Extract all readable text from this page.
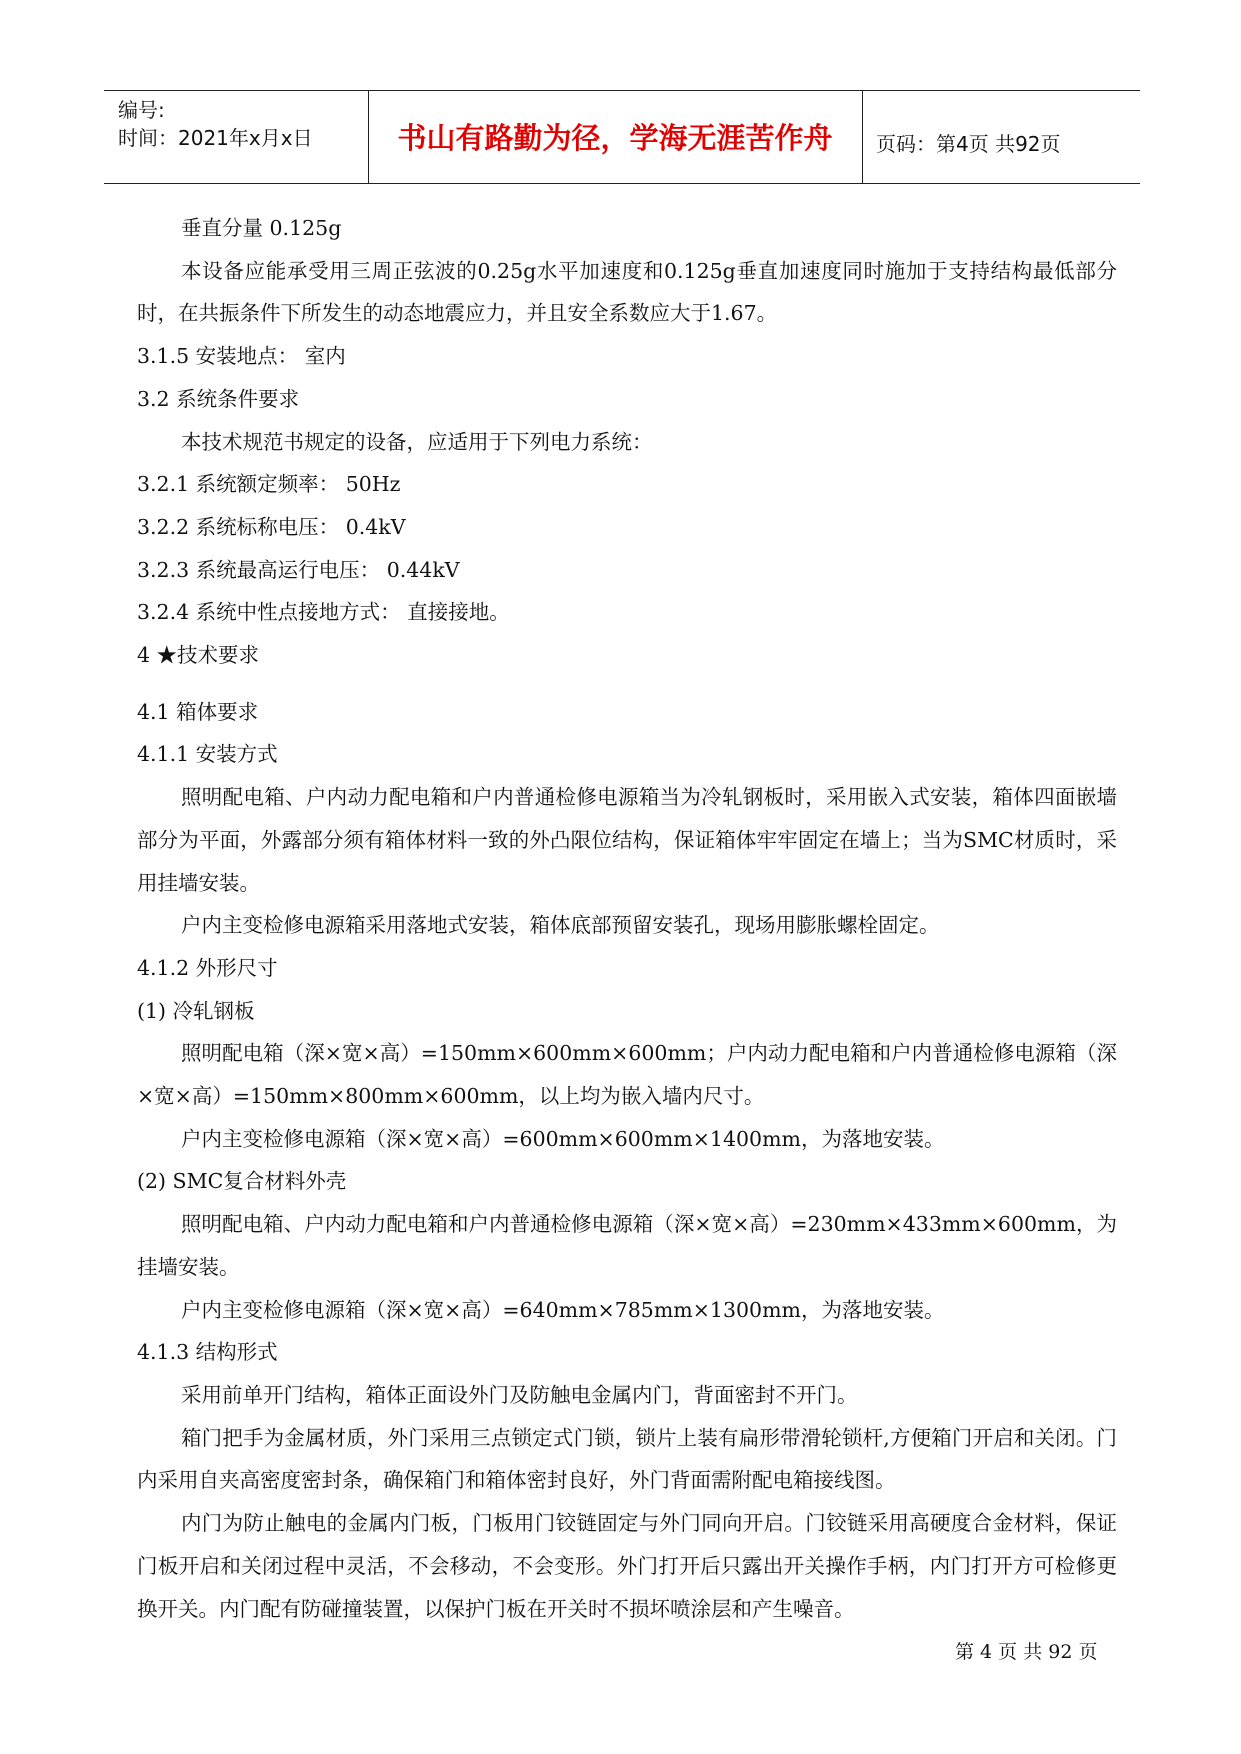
编号:
时间：2021年x月x日	书山有路勤为径，学海无涯苦作舟	页码：第4页 共92页

垂直分量 0.125g

本设备应能承受用三周正弦波的0.25g水平加速度和0.125g垂直加速度同时施加于支持结构最低部分时，在共振条件下所发生的动态地震应力，并且安全系数应大于1.67。

3.1.5 安装地点： 室内

3.2 系统条件要求

本技术规范书规定的设备，应适用于下列电力系统：

3.2.1 系统额定频率： 50Hz

3.2.2 系统标称电压： 0.4kV

3.2.3 系统最高运行电压： 0.44kV

3.2.4 系统中性点接地方式： 直接接地。

4 ★技术要求

4.1 箱体要求

4.1.1 安装方式

照明配电箱、户内动力配电箱和户内普通检修电源箱当为冷轧钢板时，采用嵌入式安装，箱体四面嵌墙部分为平面，外露部分须有箱体材料一致的外凸限位结构，保证箱体牢牢固定在墙上；当为SMC材质时，采用挂墙安装。

户内主变检修电源箱采用落地式安装，箱体底部预留安装孔，现场用膨胀螺栓固定。

4.1.2 外形尺寸

(1) 冷轧钢板

照明配电箱（深×宽×高）=150mm×600mm×600mm；户内动力配电箱和户内普通检修电源箱（深×宽×高）=150mm×800mm×600mm，以上均为嵌入墙内尺寸。

户内主变检修电源箱（深×宽×高）=600mm×600mm×1400mm，为落地安装。

(2) SMC复合材料外壳

照明配电箱、户内动力配电箱和户内普通检修电源箱（深×宽×高）=230mm×433mm×600mm，为挂墙安装。

户内主变检修电源箱（深×宽×高）=640mm×785mm×1300mm，为落地安装。

4.1.3 结构形式

采用前单开门结构，箱体正面设外门及防触电金属内门，背面密封不开门。

箱门把手为金属材质，外门采用三点锁定式门锁，锁片上装有扁形带滑轮锁杆,方便箱门开启和关闭。门内采用自夹高密度密封条，确保箱门和箱体密封良好，外门背面需附配电箱接线图。

内门为防止触电的金属内门板，门板用门铰链固定与外门同向开启。门铰链采用高硬度合金材料，保证门板开启和关闭过程中灵活，不会移动，不会变形。外门打开后只露出开关操作手柄，内门打开方可检修更换开关。内门配有防碰撞装置，以保护门板在开关时不损坏喷涂层和产生噪音。

第 4 页 共 92 页
